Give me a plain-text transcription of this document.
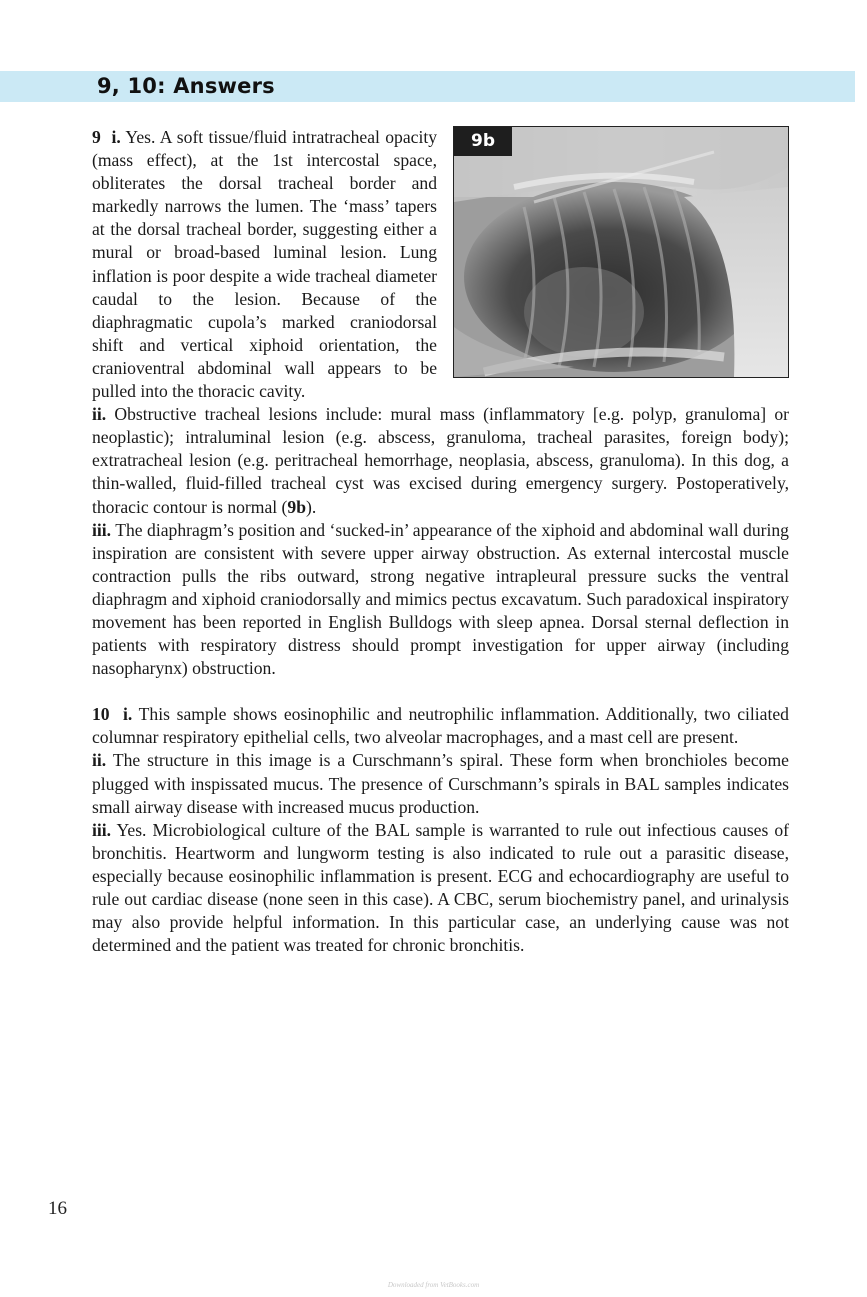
9, 10: Answers
9b

9 i. Yes. A soft tissue/fluid intratracheal opacity (mass effect), at the 1st intercostal space, obliterates the dorsal tracheal border and markedly narrows the lumen. The ‘mass’ tapers at the dorsal tracheal border, suggesting either a mural or broad-based luminal lesion. Lung inflation is poor despite a wide tracheal diameter caudal to the lesion. Because of the diaphragmatic cupola’s marked craniodorsal shift and vertical xiphoid orientation, the cranioventral abdominal wall appears to be pulled into the thoracic cavity.

ii. Obstructive tracheal lesions include: mural mass (inflammatory [e.g. polyp, granuloma] or neoplastic); intraluminal lesion (e.g. abscess, granuloma, tracheal parasites, foreign body); extratracheal lesion (e.g. peritracheal hemorrhage, neoplasia, abscess, granuloma). In this dog, a thin-walled, fluid-filled tracheal cyst was excised during emergency surgery. Postoperatively, thoracic contour is normal (9b).

iii. The diaphragm’s position and ‘sucked-in’ appearance of the xiphoid and abdominal wall during inspiration are consistent with severe upper airway obstruction. As external intercostal muscle contraction pulls the ribs outward, strong negative intrapleural pressure sucks the ventral diaphragm and xiphoid craniodorsally and mimics pectus excavatum. Such paradoxical inspiratory movement has been reported in English Bulldogs with sleep apnea. Dorsal sternal deflection in patients with respiratory distress should prompt investigation for upper airway (including nasopharynx) obstruction.

10 i. This sample shows eosinophilic and neutrophilic inflammation. Additionally, two ciliated columnar respiratory epithelial cells, two alveolar macrophages, and a mast cell are present.

ii. The structure in this image is a Curschmann’s spiral. These form when bronchioles become plugged with inspissated mucus. The presence of Curschmann’s spirals in BAL samples indicates small airway disease with increased mucus production.

iii. Yes. Microbiological culture of the BAL sample is warranted to rule out infectious causes of bronchitis. Heartworm and lungworm testing is also indicated to rule out a parasitic disease, especially because eosinophilic inflammation is present. ECG and echocardiography are useful to rule out cardiac disease (none seen in this case). A CBC, serum biochemistry panel, and urinalysis may also provide helpful information. In this particular case, an underlying cause was not determined and the patient was treated for chronic bronchitis.

16
Downloaded from VetBooks.com
